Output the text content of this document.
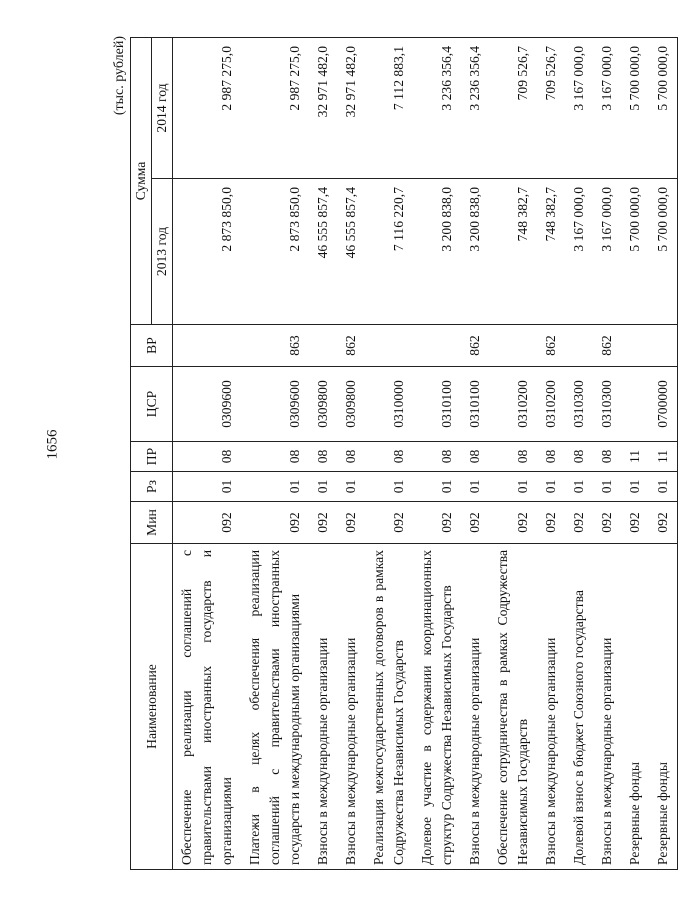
1656
(тыс. рублей)
Наименование	Мин	Рз	ПР	ЦСР	ВР	Сумма	
						2013 год	2014 год
Обеспечение реализации соглашений с правительствами иностранных государств и организациями	092	01	08	0309600		2 873 850,0	2 987 275,0
Платежи в целях обеспечения реализации соглашений с правительствами иностранных государств и международными организациями	092	01	08	0309600	863	2 873 850,0	2 987 275,0
Взносы в международные организации	092	01	08	0309800		46 555 857,4	32 971 482,0
Взносы в международные организации	092	01	08	0309800	862	46 555 857,4	32 971 482,0
Реализация межгосударственных договоров в рамках Содружества Независимых Государств	092	01	08	0310000		7 116 220,7	7 112 883,1
Долевое участие в содержании координационных структур Содружества Независимых Государств	092	01	08	0310100		3 200 838,0	3 236 356,4
Взносы в международные организации	092	01	08	0310100	862	3 200 838,0	3 236 356,4
Обеспечение сотрудничества в рамках Содружества Независимых Государств	092	01	08	0310200		748 382,7	709 526,7
Взносы в международные организации	092	01	08	0310200	862	748 382,7	709 526,7
Долевой взнос в бюджет Союзного государства	092	01	08	0310300		3 167 000,0	3 167 000,0
Взносы в международные организации	092	01	08	0310300	862	3 167 000,0	3 167 000,0
Резервные фонды	092	01	11			5 700 000,0	5 700 000,0
Резервные фонды	092	01	11	0700000		5 700 000,0	5 700 000,0
